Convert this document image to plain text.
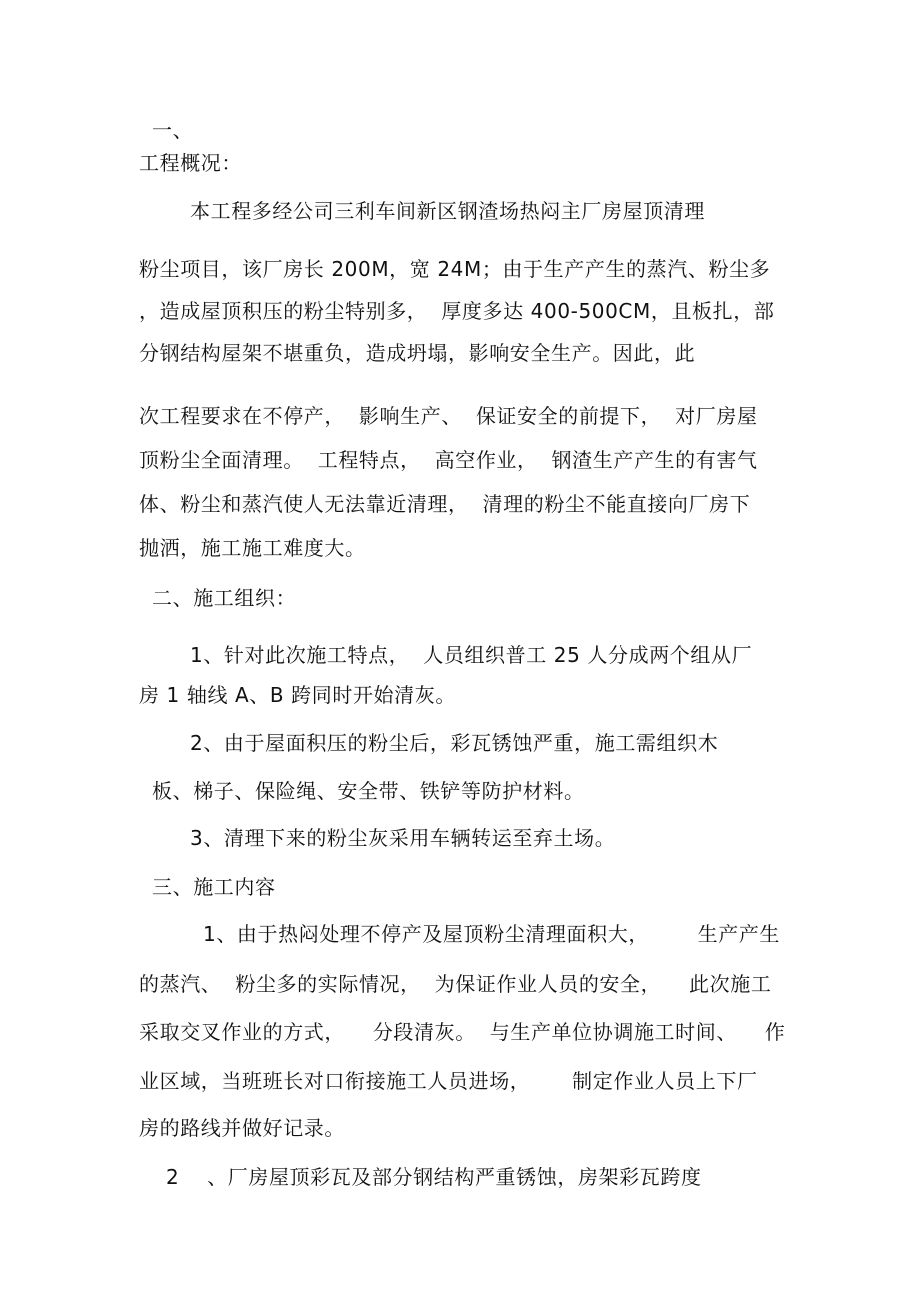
一、
工程概况：
本工程多经公司三利车间新区钢渣场热闷主厂房屋顶清理
粉尘项目，该厂房长 200M，宽 24M；由于生产产生的蒸汽、粉尘多
，造成屋顶积压的粉尘特别多，  厚度多达 400-500CM，且板扎，部
分钢结构屋架不堪重负，造成坍塌，影响安全生产。因此，此
次工程要求在不停产，  影响生产、  保证安全的前提下，  对厂房屋
顶粉尘全面清理。  工程特点，  高空作业，  钢渣生产产生的有害气
体、粉尘和蒸汽使人无法靠近清理，  清理的粉尘不能直接向厂房下
抛洒，施工施工难度大。
二、施工组织：
1、针对此次施工特点，  人员组织普工 25 人分成两个组从厂
房 1 轴线 A、B 跨同时开始清灰。
2、由于屋面积压的粉尘后，彩瓦锈蚀严重，施工需组织木
板、梯子、保险绳、安全带、铁铲等防护材料。
3、清理下来的粉尘灰采用车辆转运至弃土场。
三、施工内容
1、由于热闷处理不停产及屋顶粉尘清理面积大，       生产产生
的蒸汽、  粉尘多的实际情况，  为保证作业人员的安全，    此次施工
采取交叉作业的方式，    分段清灰。  与生产单位协调施工时间、    作
业区域，当班班长对口衔接施工人员进场，      制定作业人员上下厂
房的路线并做好记录。
2    、厂房屋顶彩瓦及部分钢结构严重锈蚀，房架彩瓦跨度
